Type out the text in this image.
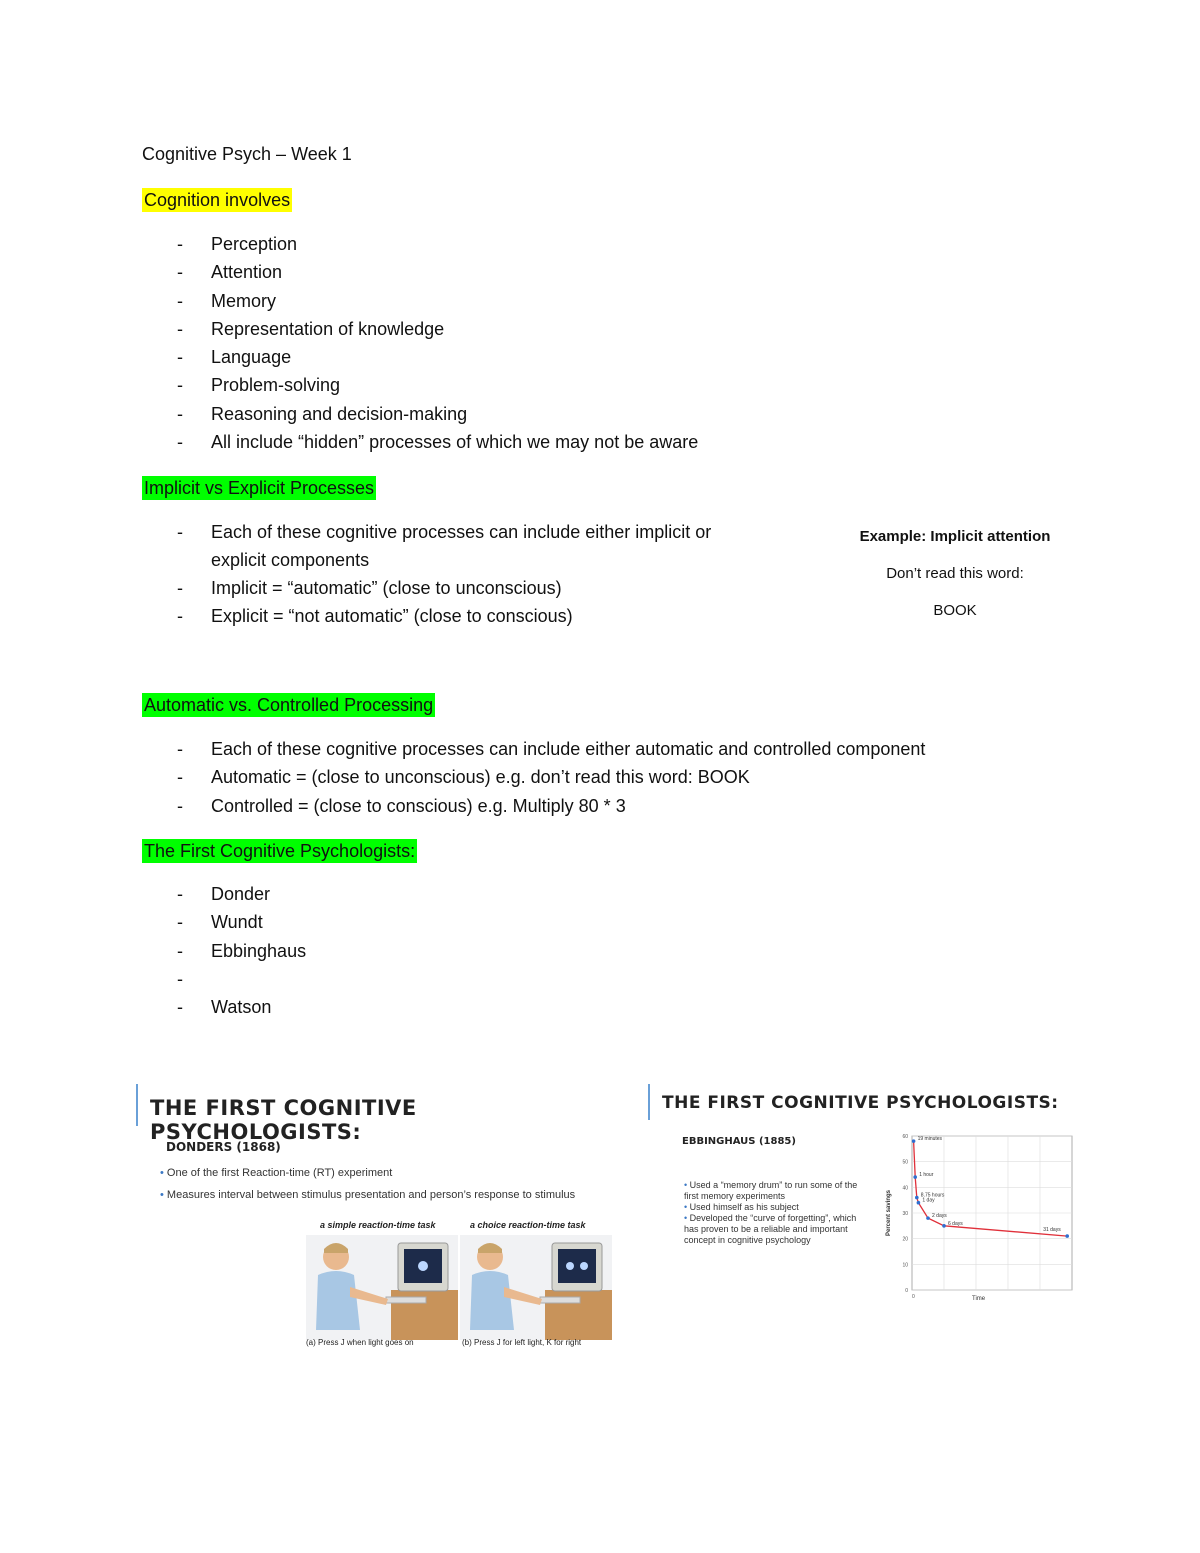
Cognitive Psych – Week 1
Cognition involves
- Perception
- Attention
- Memory
- Representation of knowledge
- Language
- Problem-solving
- Reasoning and decision-making
- All include “hidden” processes of which we may not be aware
Implicit vs Explicit Processes
- Each of these cognitive processes can include either implicit or explicit components
- Implicit = “automatic” (close to unconscious)
- Explicit = “not automatic” (close to conscious)
Example: Implicit attention
Don’t read this word:
BOOK
Automatic vs. Controlled Processing
- Each of these cognitive processes can include either automatic and controlled component
- Automatic = (close to unconscious) e.g. don’t read this word: BOOK
- Controlled = (close to conscious) e.g. Multiply 80 * 3
The First Cognitive Psychologists:
- Donder
- Wundt
- Ebbinghaus
-
- Watson
THE FIRST COGNITIVE PSYCHOLOGISTS:
DONDERS (1868)
• One of the first Reaction-time (RT) experiment
• Measures interval between stimulus presentation and person’s response to stimulus
a simple reaction-time task	a choice reaction-time task
(a) Press J when light goes on	(b) Press J for left light, K for right
THE FIRST COGNITIVE PSYCHOLOGISTS:
EBBINGHAUS (1885)
• Used a “memory drum” to run some of the first memory experiments
• Used himself as his subject
• Developed the “curve of forgetting”, which has proven to be a reliable and important concept in cognitive psychology
0
10
20
30
40
50
60
Percent savings
Time
0
19 minutes
1 hour
8.75 hours
1 day
2 days
6 days
31 days
